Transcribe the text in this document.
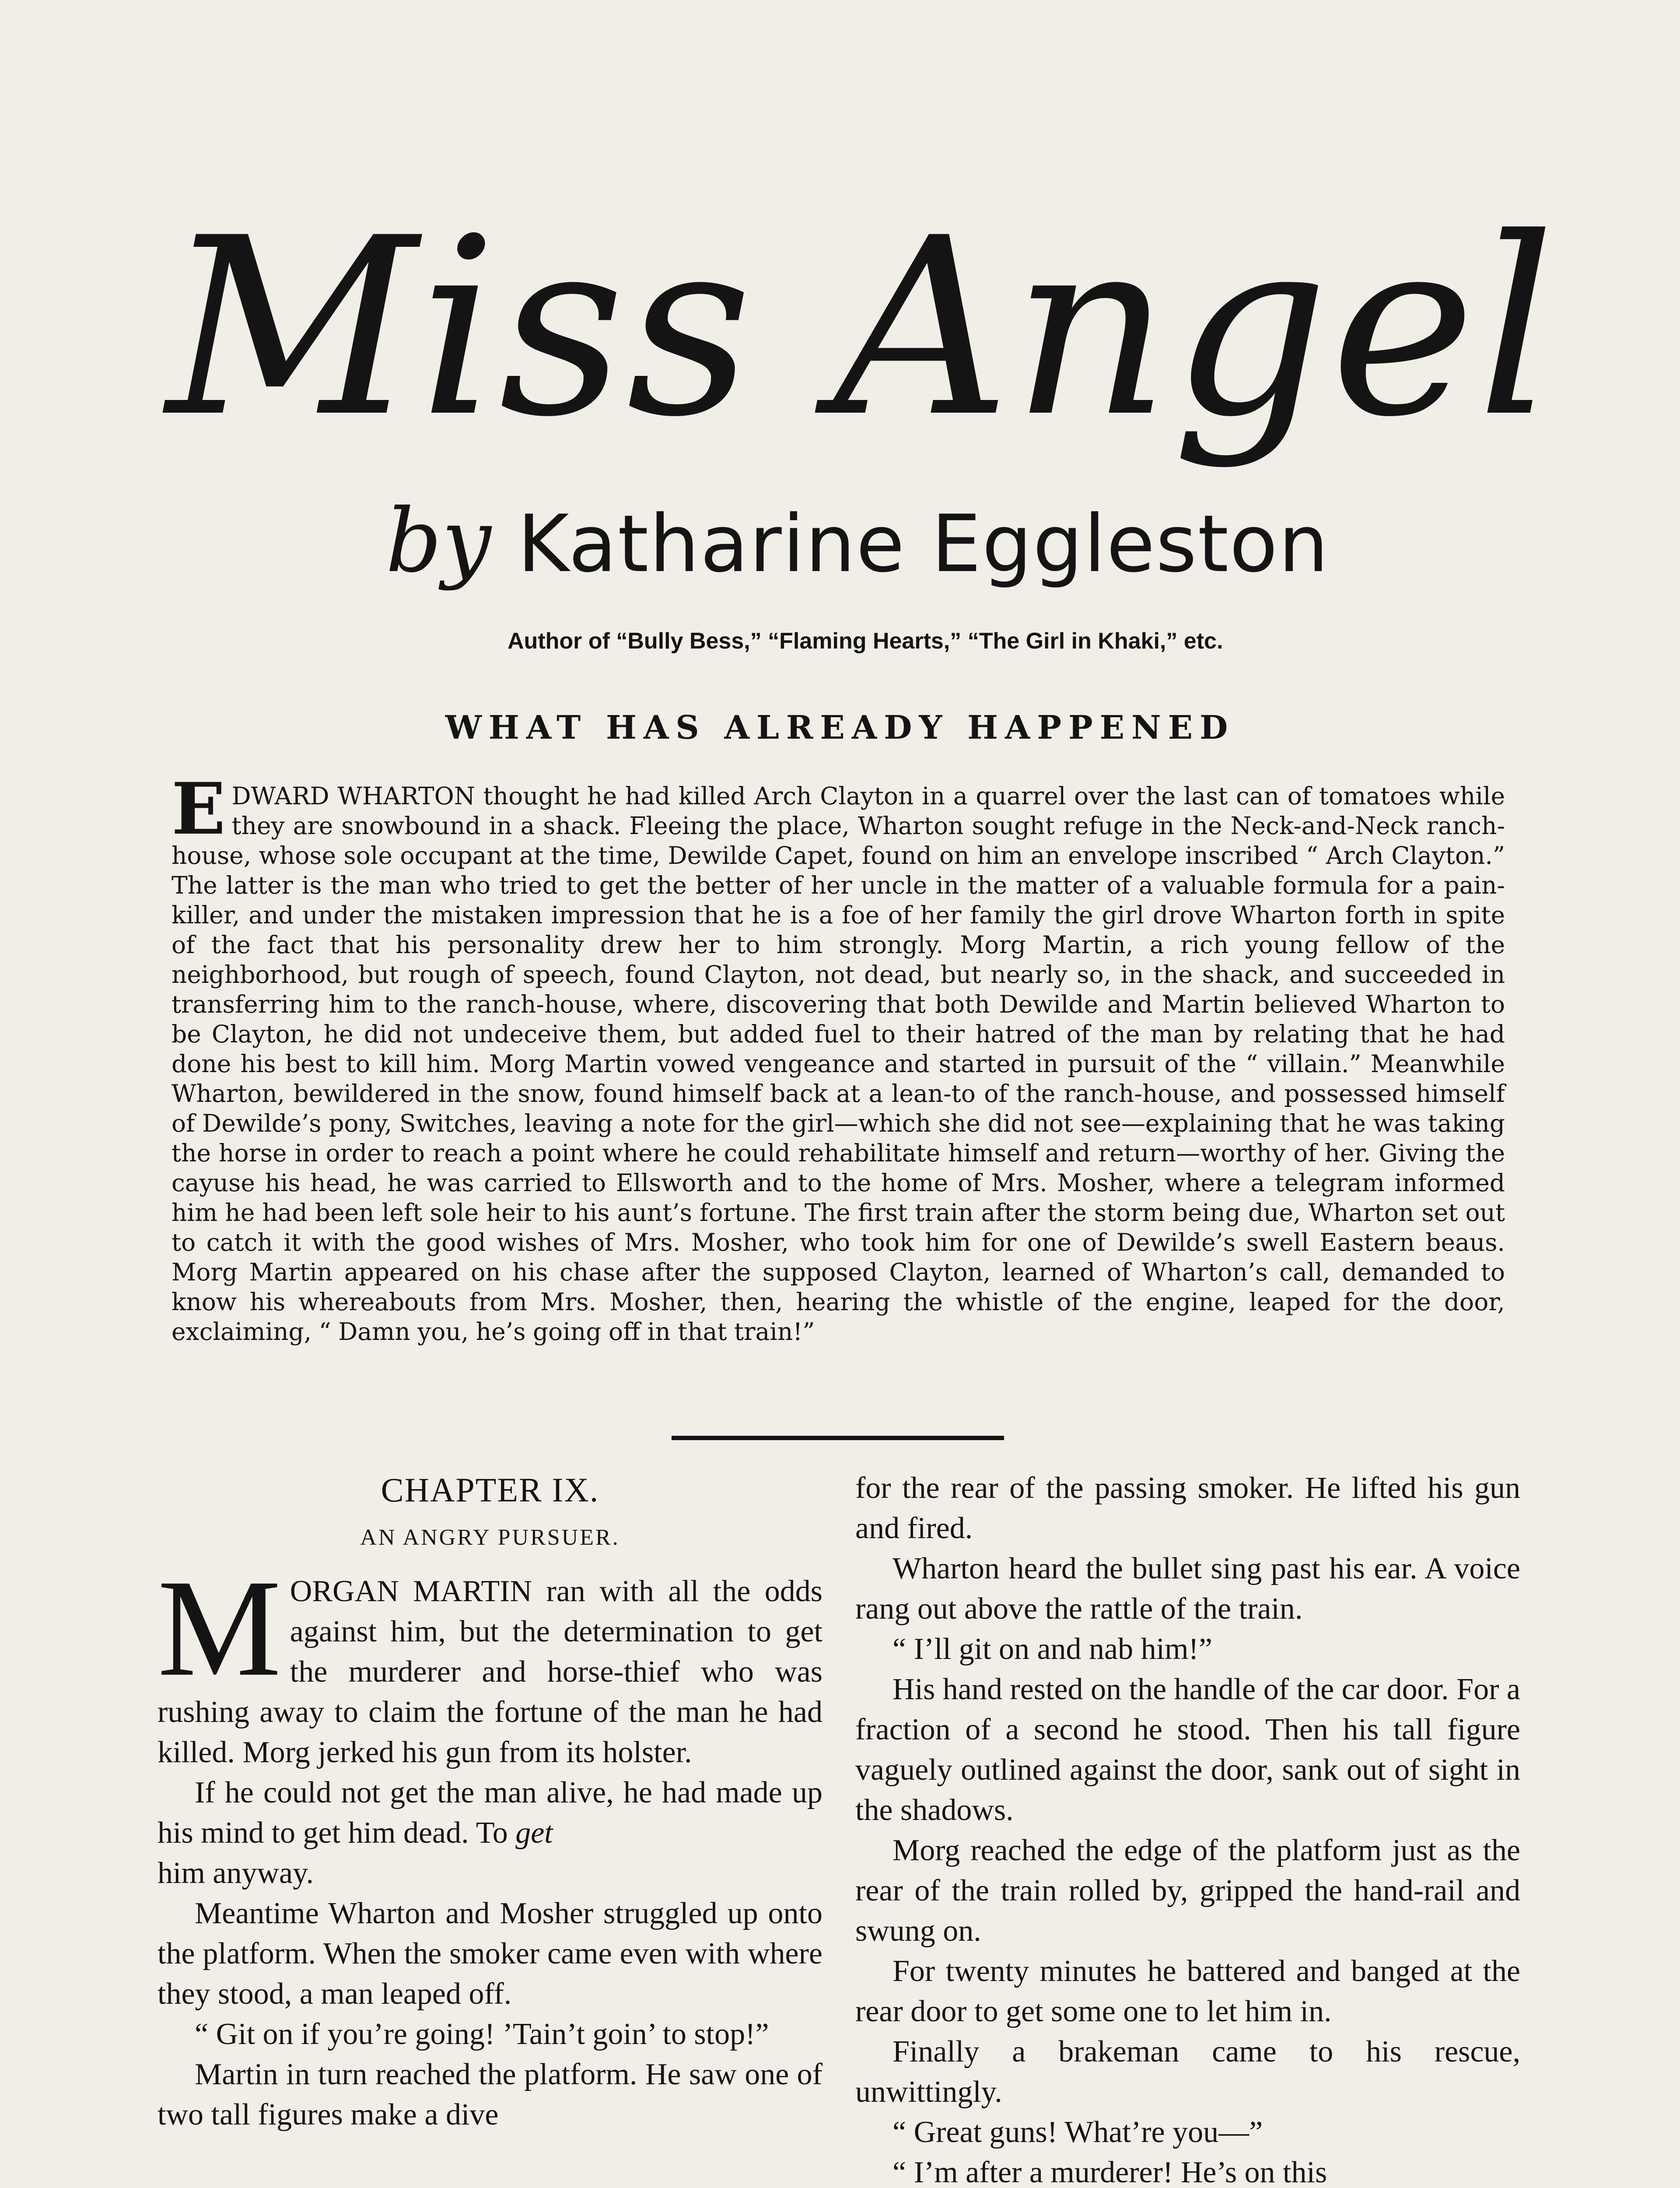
Miss Angel
by Katharine Eggleston
Author of “Bully Bess,” “Flaming Hearts,” “The Girl in Khaki,” etc.
WHAT HAS ALREADY HAPPENED
EDWARD WHARTON thought he had killed Arch Clayton in a quarrel over the last can of tomatoes while they are snowbound in a shack. Fleeing the place, Wharton sought refuge in the Neck-and-Neck ranch-house, whose sole occupant at the time, Dewilde Capet, found on him an envelope inscribed “ Arch Clayton.” The latter is the man who tried to get the better of her uncle in the matter of a valuable formula for a pain-killer, and under the mistaken impression that he is a foe of her family the girl drove Wharton forth in spite of the fact that his personality drew her to him strongly. Morg Martin, a rich young fellow of the neighborhood, but rough of speech, found Clayton, not dead, but nearly so, in the shack, and succeeded in transferring him to the ranch-house, where, discovering that both Dewilde and Martin believed Wharton to be Clayton, he did not undeceive them, but added fuel to their hatred of the man by relating that he had done his best to kill him. Morg Martin vowed vengeance and started in pursuit of the “ villain.” Meanwhile Wharton, bewildered in the snow, found himself back at a lean-to of the ranch-house, and possessed himself of Dewilde’s pony, Switches, leaving a note for the girl—which she did not see—explaining that he was taking the horse in order to reach a point where he could rehabilitate himself and return—worthy of her. Giving the cayuse his head, he was carried to Ellsworth and to the home of Mrs. Mosher, where a telegram informed him he had been left sole heir to his aunt’s fortune. The first train after the storm being due, Wharton set out to catch it with the good wishes of Mrs. Mosher, who took him for one of Dewilde’s swell Eastern beaus. Morg Martin appeared on his chase after the supposed Clayton, learned of Wharton’s call, demanded to know his whereabouts from Mrs. Mosher, then, hearing the whistle of the engine, leaped for the door, exclaiming, “ Damn you, he’s going off in that train!”
CHAPTER IX.
AN ANGRY PURSUER.

MORGAN MARTIN ran with all the odds against him, but the determination to get the murderer and horse-thief who was rushing away to claim the fortune of the man he had killed. Morg jerked his gun from its holster.

If he could not get the man alive, he had made up his mind to get him dead. To get

him anyway.

Meantime Wharton and Mosher struggled up onto the platform. When the smoker came even with where they stood, a man leaped off.

“ Git on if you’re going! ’Tain’t goin’ to stop!”

Martin in turn reached the platform. He saw one of two tall figures make a dive

for the rear of the passing smoker. He lifted his gun and fired.

Wharton heard the bullet sing past his ear. A voice rang out above the rattle of the train.

“ I’ll git on and nab him!”

His hand rested on the handle of the car door. For a fraction of a second he stood. Then his tall figure vaguely outlined against the door, sank out of sight in the shadows.

Morg reached the edge of the platform just as the rear of the train rolled by, gripped the hand-rail and swung on.

For twenty minutes he battered and banged at the rear door to get some one to let him in.

Finally a brakeman came to his rescue, unwittingly.

“ Great guns! What’re you—”

“ I’m after a murderer! He’s on this
